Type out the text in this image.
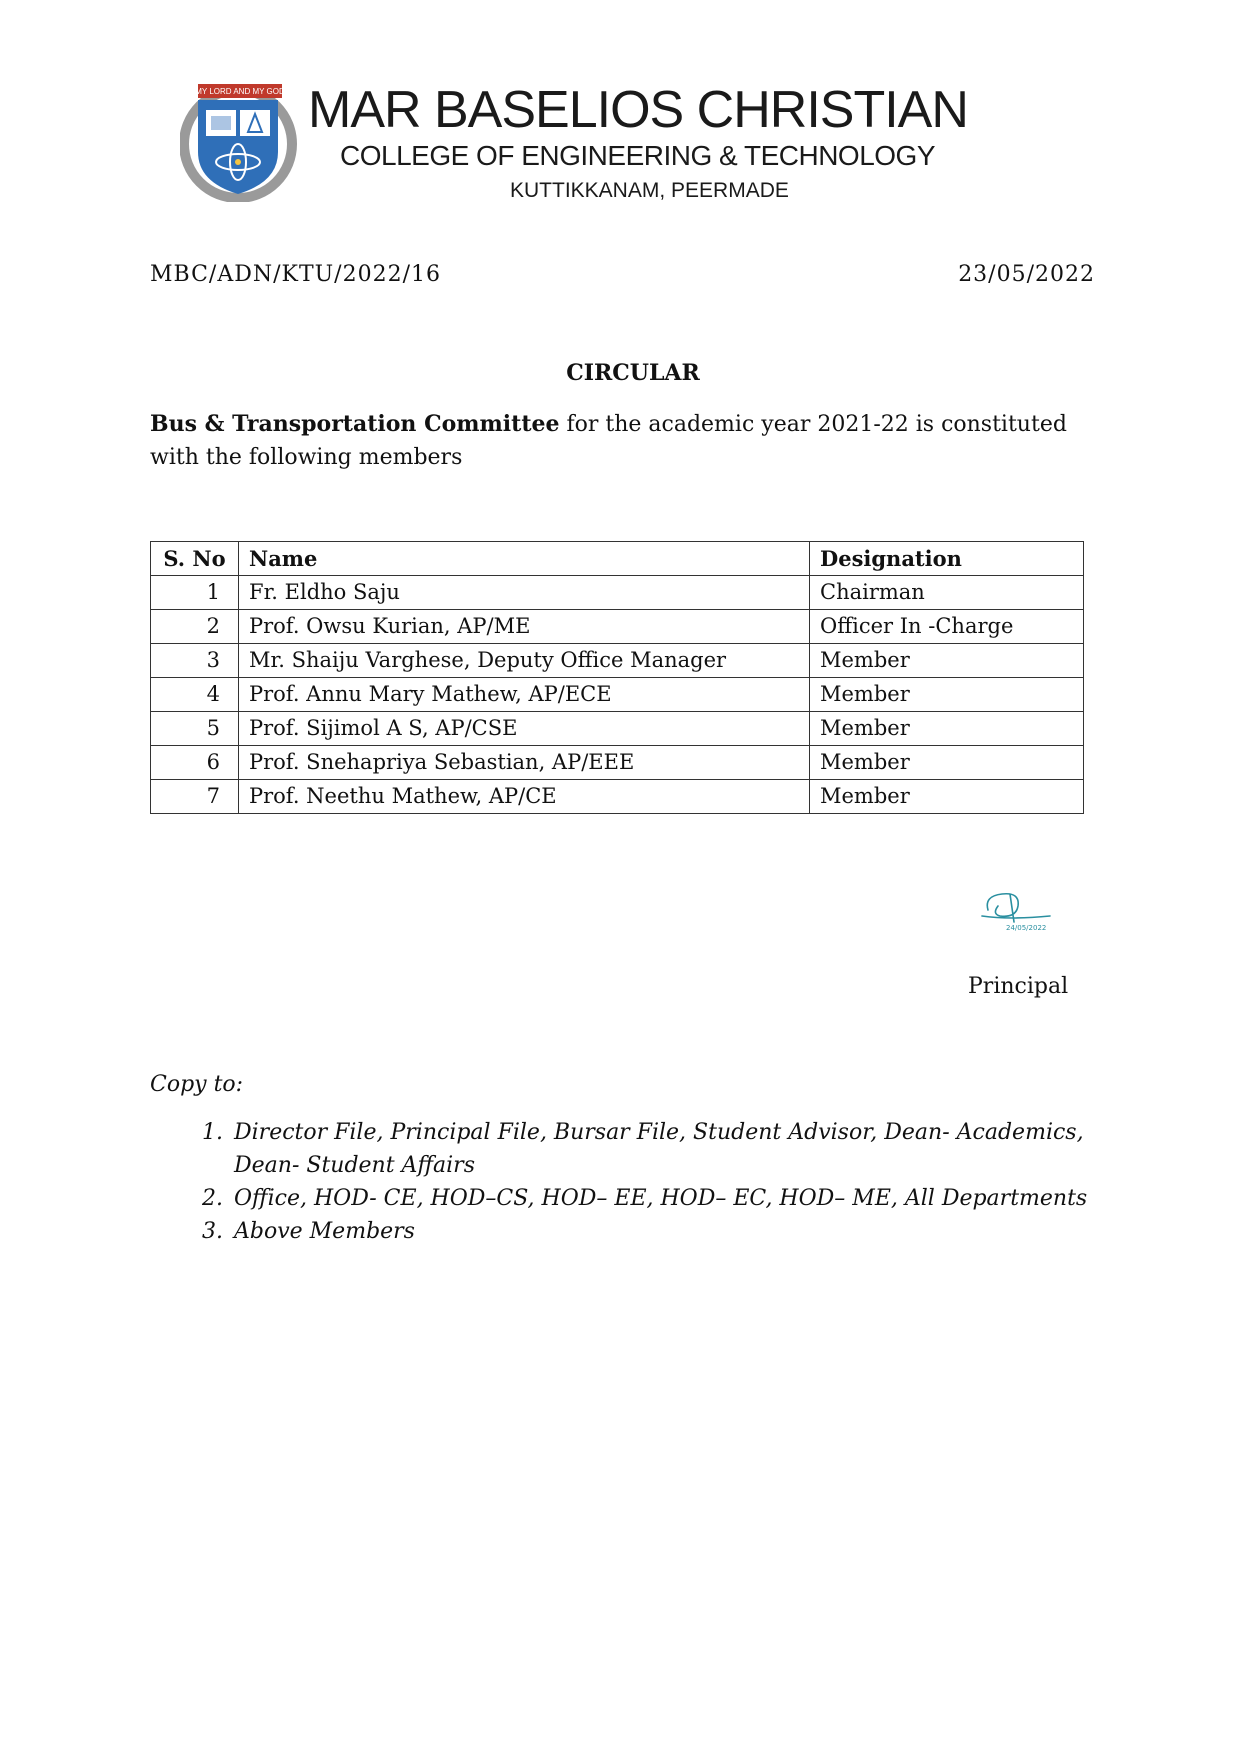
MY LORD AND MY GOD MAR BASELIOS CHRISTIAN
COLLEGE OF ENGINEERING & TECHNOLOGY
KUTTIKKANAM, PEERMADE
MBC/ADN/KTU/2022/16	23/05/2022
CIRCULAR
Bus & Transportation Committee for the academic year 2021-22 is constituted with the following members
S. No	Name	Designation
1	Fr. Eldho Saju	Chairman
2	Prof. Owsu Kurian, AP/ME	Officer In -Charge
3	Mr. Shaiju Varghese, Deputy Office Manager	Member
4	Prof. Annu Mary Mathew, AP/ECE	Member
5	Prof. Sijimol A S, AP/CSE	Member
6	Prof. Snehapriya Sebastian, AP/EEE	Member
7	Prof. Neethu Mathew, AP/CE	Member
24/05/2022
Principal
Copy to:
1. Director File, Principal File, Bursar File, Student Advisor, Dean- Academics, Dean- Student Affairs
2. Office, HOD- CE, HOD–CS, HOD– EE, HOD– EC, HOD– ME, All Departments
3. Above Members
